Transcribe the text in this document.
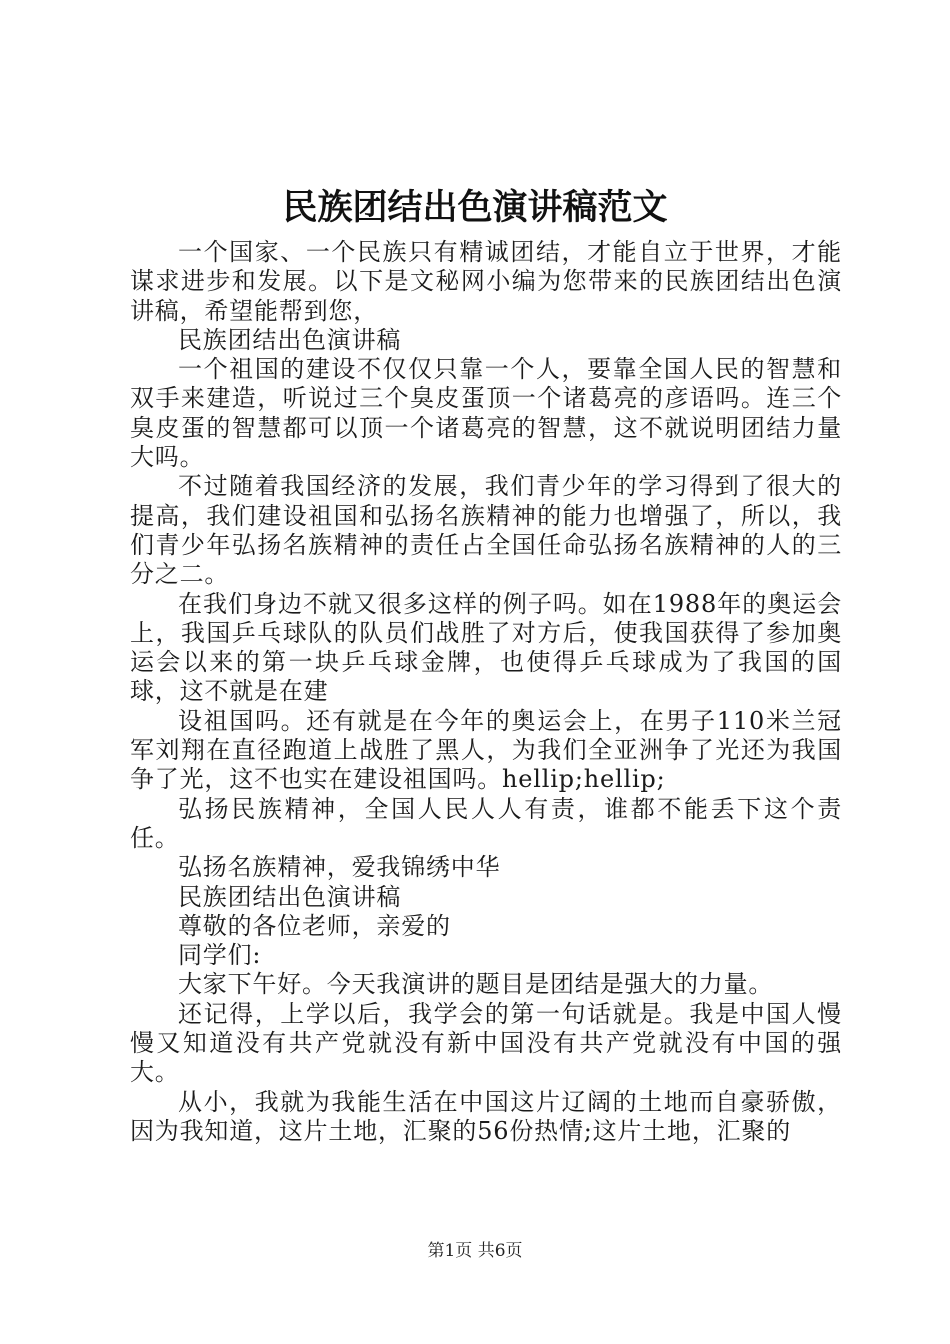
民族团结出色演讲稿范文

一个国家、一个民族只有精诚团结，才能自立于世界，才能谋求进步和发展。以下是文秘网小编为您带来的民族团结出色演讲稿，希望能帮到您，

民族团结出色演讲稿

一个祖国的建设不仅仅只靠一个人，要靠全国人民的智慧和双手来建造，听说过三个臭皮蛋顶一个诸葛亮的彦语吗。连三个臭皮蛋的智慧都可以顶一个诸葛亮的智慧，这不就说明团结力量大吗。

不过随着我国经济的发展，我们青少年的学习得到了很大的提高，我们建设祖国和弘扬名族精神的能力也增强了，所以，我们青少年弘扬名族精神的责任占全国任命弘扬名族精神的人的三分之二。

在我们身边不就又很多这样的例子吗。如在1988年的奥运会上，我国乒乓球队的队员们战胜了对方后，使我国获得了参加奥运会以来的第一块乒乓球金牌，也使得乒乓球成为了我国的国球，这不就是在建

设祖国吗。还有就是在今年的奥运会上，在男子110米兰冠军刘翔在直径跑道上战胜了黑人，为我们全亚洲争了光还为我国争了光，这不也实在建设祖国吗。hellip;hellip;

弘扬民族精神，全国人民人人有责，谁都不能丢下这个责任。

弘扬名族精神，爱我锦绣中华

民族团结出色演讲稿

尊敬的各位老师，亲爱的

同学们:

大家下午好。今天我演讲的题目是团结是强大的力量。

还记得，上学以后，我学会的第一句话就是。我是中国人慢慢又知道没有共产党就没有新中国没有共产党就没有中国的强大。

从小，我就为我能生活在中国这片辽阔的土地而自豪骄傲，因为我知道，这片土地，汇聚的56份热情;这片土地，汇聚的

第1页 共6页
